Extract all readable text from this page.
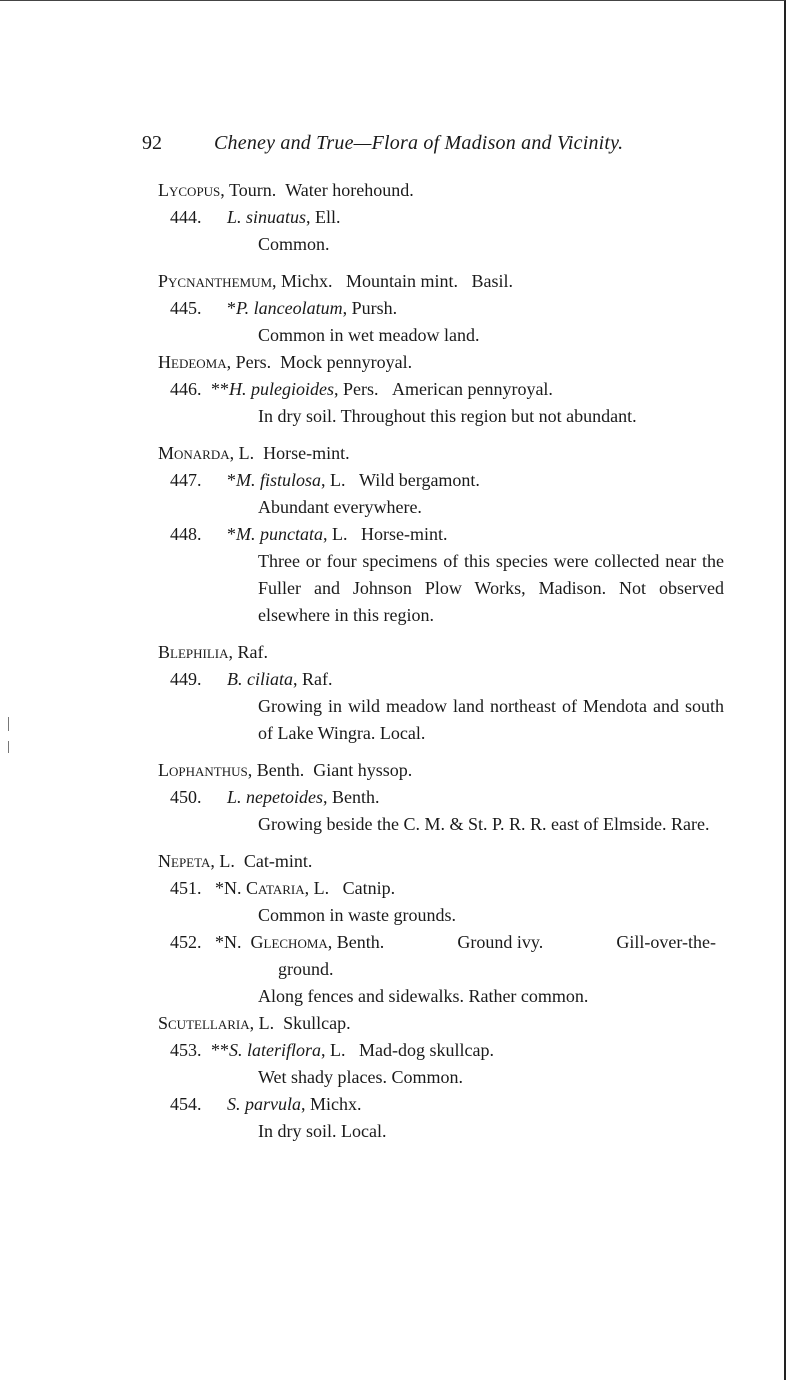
92	Cheney and True—Flora of Madison and Vicinity.
Lycopus, Tourn. Water horehound.
444. L. sinuatus, Ell.
Common.
Pycnanthemum, Michx. Mountain mint. Basil.
445. *P. lanceolatum, Pursh.
Common in wet meadow land.
Hedeoma, Pers. Mock pennyroyal.
446. **H. pulegioides, Pers. American pennyroyal.
In dry soil. Throughout this region but not abundant.
Monarda, L. Horse-mint.
447. *M. fistulosa, L. Wild bergamont.
Abundant everywhere.
448. *M. punctata, L. Horse-mint.
Three or four specimens of this species were collected near the Fuller and Johnson Plow Works, Madison. Not observed elsewhere in this region.
Blephilia, Raf.
449. B. ciliata, Raf.
Growing in wild meadow land northeast of Mendota and south of Lake Wingra. Local.
Lophanthus, Benth. Giant hyssop.
450. L. nepetoides, Benth.
Growing beside the C. M. & St. P. R. R. east of Elmside. Rare.
Nepeta, L. Cat-mint.
451. *N. Cataria, L. Catnip.
Common in waste grounds.
452. *N. Glechoma, Benth.	Ground ivy.	Gill-over-the-
ground.
Along fences and sidewalks. Rather common.
Scutellaria, L. Skullcap.
453. **S. lateriflora, L. Mad-dog skullcap.
Wet shady places. Common.
454. S. parvula, Michx.
In dry soil. Local.
